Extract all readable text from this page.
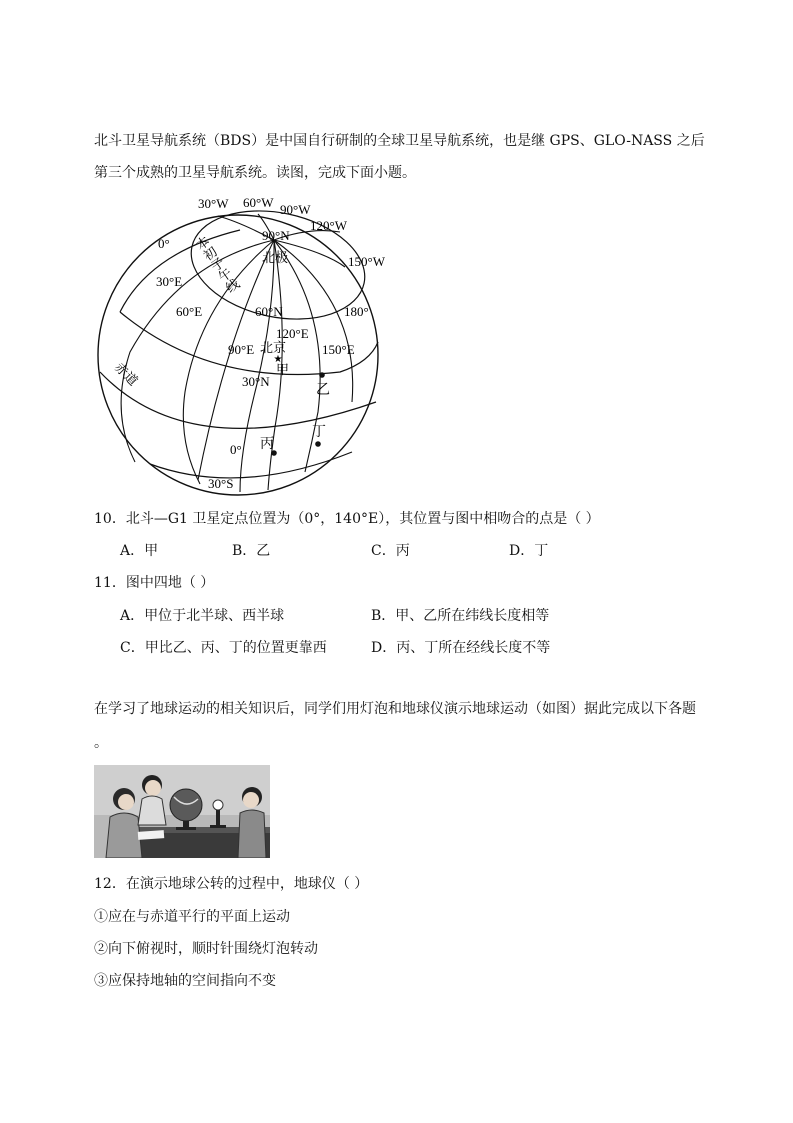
北斗卫星导航系统（BDS）是中国自行研制的全球卫星导航系统，也是继 GPS、GLO-NASS 之后
第三个成熟的卫星导航系统。读图，完成下面小题。
★
30°W 60°W 90°W
120°W
90°N
北极	150°W
0° 本初子午线
30°E
60°E	60°N	180°
120°E
北京
90°E	150°E
赤道	甲
30°N
乙
丁
丙
0°
30°S
10．北斗—G1 卫星定点位置为（0°，140°E），其位置与图中相吻合的点是（ ）
A．甲	B．乙	C．丙	D．丁
11．图中四地（ ）
A．甲位于北半球、西半球	B．甲、乙所在纬线长度相等
C．甲比乙、丙、丁的位置更靠西	D．丙、丁所在经线长度不等
在学习了地球运动的相关知识后，同学们用灯泡和地球仪演示地球运动（如图）据此完成以下各题
。
12．在演示地球公转的过程中，地球仪（ ）
①应在与赤道平行的平面上运动
②向下俯视时，顺时针围绕灯泡转动
③应保持地轴的空间指向不变
